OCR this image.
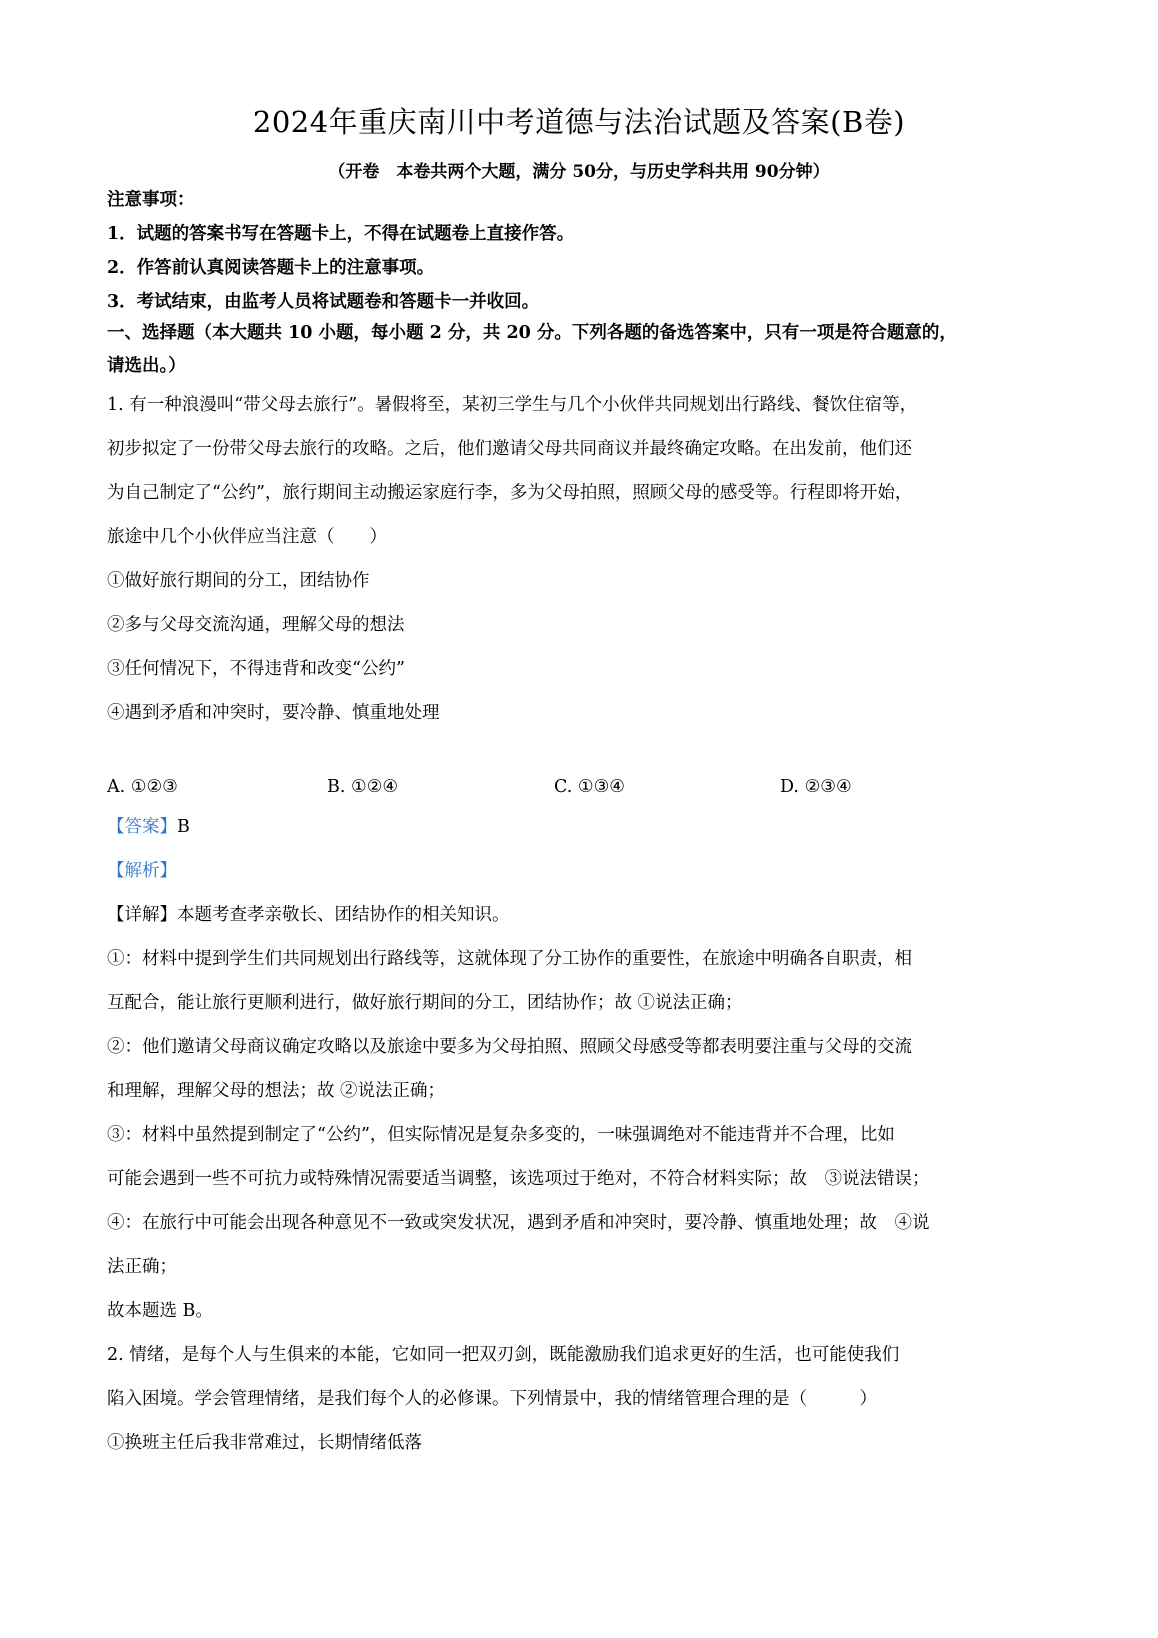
2024年重庆南川中考道德与法治试题及答案(B卷)
（开卷　本卷共两个大题，满分 50分，与历史学科共用 90分钟）
注意事项：
1．试题的答案书写在答题卡上，不得在试题卷上直接作答。
2．作答前认真阅读答题卡上的注意事项。
3．考试结束，由监考人员将试题卷和答题卡一并收回。
一、选择题（本大题共 10 小题，每小题 2 分，共 20 分。下列各题的备选答案中，只有一项是符合题意的，
请选出。）
1. 有一种浪漫叫“带父母去旅行”。暑假将至，某初三学生与几个小伙伴共同规划出行路线、餐饮住宿等，
初步拟定了一份带父母去旅行的攻略。之后，他们邀请父母共同商议并最终确定攻略。在出发前，他们还
为自己制定了“公约”，旅行期间主动搬运家庭行李，多为父母拍照，照顾父母的感受等。行程即将开始，
旅途中几个小伙伴应当注意（　　）
①做好旅行期间的分工，团结协作
②多与父母交流沟通，理解父母的想法
③任何情况下，不得违背和改变“公约”
④遇到矛盾和冲突时，要冷静、慎重地处理
A. ①②③	B. ①②④	C. ①③④	D. ②③④
【答案】B
【解析】
【详解】本题考查孝亲敬长、团结协作的相关知识。
①：材料中提到学生们共同规划出行路线等，这就体现了分工协作的重要性，在旅途中明确各自职责，相
互配合，能让旅行更顺利进行，做好旅行期间的分工，团结协作；故 ①说法正确；
②：他们邀请父母商议确定攻略以及旅途中要多为父母拍照、照顾父母感受等都表明要注重与父母的交流
和理解，理解父母的想法；故 ②说法正确；
③：材料中虽然提到制定了“公约”，但实际情况是复杂多变的，一味强调绝对不能违背并不合理，比如
可能会遇到一些不可抗力或特殊情况需要适当调整，该选项过于绝对，不符合材料实际；故　③说法错误；
④：在旅行中可能会出现各种意见不一致或突发状况，遇到矛盾和冲突时，要冷静、慎重地处理；故　④说
法正确；
故本题选 B。
2. 情绪，是每个人与生俱来的本能，它如同一把双刃剑，既能激励我们追求更好的生活，也可能使我们
陷入困境。学会管理情绪，是我们每个人的必修课。下列情景中，我的情绪管理合理的是（　　　）
①换班主任后我非常难过，长期情绪低落
